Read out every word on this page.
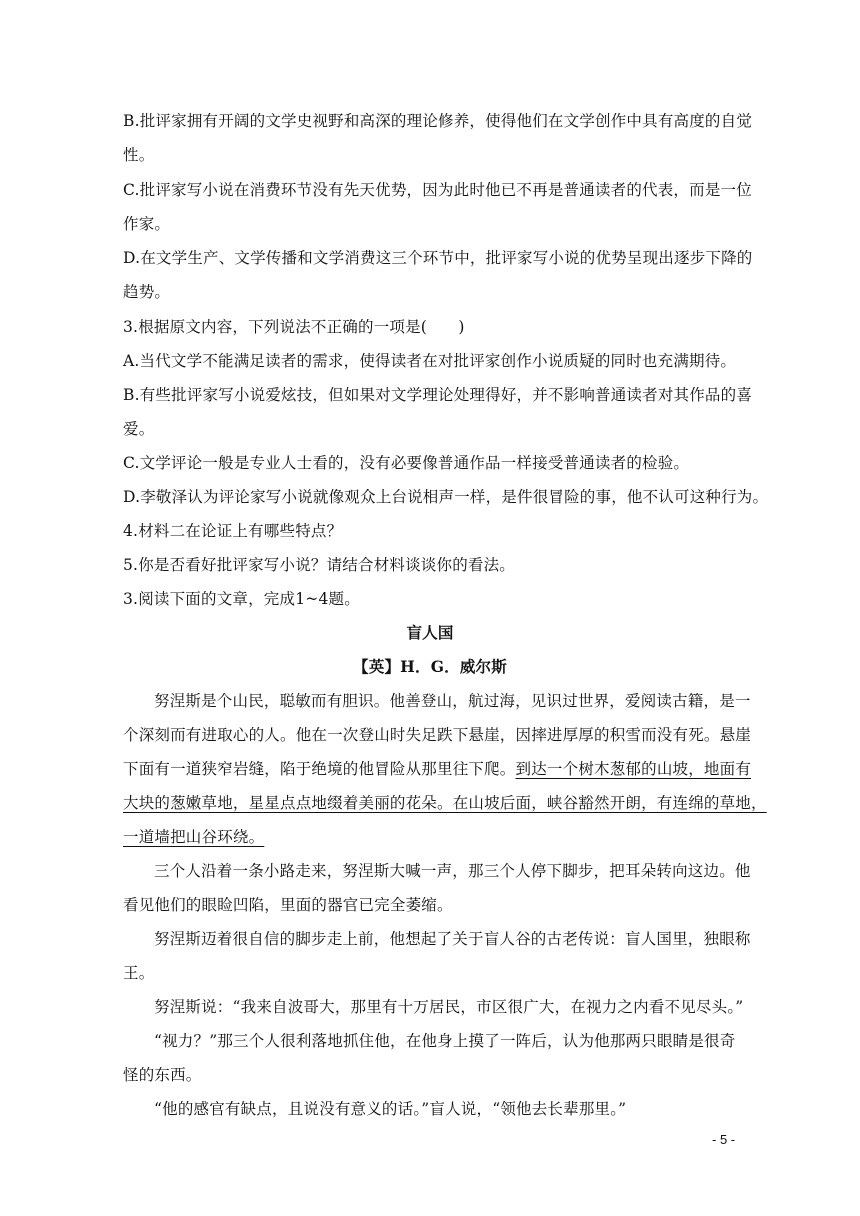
B.批评家拥有开阔的文学史视野和高深的理论修养，使得他们在文学创作中具有高度的自觉
性。
C.批评家写小说在消费环节没有先天优势，因为此时他已不再是普通读者的代表，而是一位
作家。
D.在文学生产、文学传播和文学消费这三个环节中，批评家写小说的优势呈现出逐步下降的
趋势。
3.根据原文内容，下列说法不正确的一项是(　　)
A.当代文学不能满足读者的需求，使得读者在对批评家创作小说质疑的同时也充满期待。
B.有些批评家写小说爱炫技，但如果对文学理论处理得好，并不影响普通读者对其作品的喜
爱。
C.文学评论一般是专业人士看的，没有必要像普通作品一样接受普通读者的检验。
D.李敬泽认为评论家写小说就像观众上台说相声一样，是件很冒险的事，他不认可这种行为。
4.材料二在论证上有哪些特点？
5.你是否看好批评家写小说？请结合材料谈谈你的看法。
3.阅读下面的文章，完成1~4题。
盲人国
【英】H．G．威尔斯
努涅斯是个山民，聪敏而有胆识。他善登山，航过海，见识过世界，爱阅读古籍，是一
个深刻而有进取心的人。他在一次登山时失足跌下悬崖，因摔进厚厚的积雪而没有死。悬崖
下面有一道狭窄岩缝，陷于绝境的他冒险从那里往下爬。到达一个树木葱郁的山坡，地面有
大块的葱嫩草地，星星点点地缀着美丽的花朵。在山坡后面，峡谷豁然开朗，有连绵的草地，
一道墙把山谷环绕。
三个人沿着一条小路走来，努涅斯大喊一声，那三个人停下脚步，把耳朵转向这边。他
看见他们的眼睑凹陷，里面的器官已完全萎缩。
努涅斯迈着很自信的脚步走上前，他想起了关于盲人谷的古老传说：盲人国里，独眼称
王。
努涅斯说：“我来自波哥大，那里有十万居民，市区很广大，在视力之内看不见尽头。”
“视力？”那三个人很利落地抓住他，在他身上摸了一阵后，认为他那两只眼睛是很奇
怪的东西。
“他的感官有缺点，且说没有意义的话。”盲人说，“领他去长辈那里。”
- 5 -
